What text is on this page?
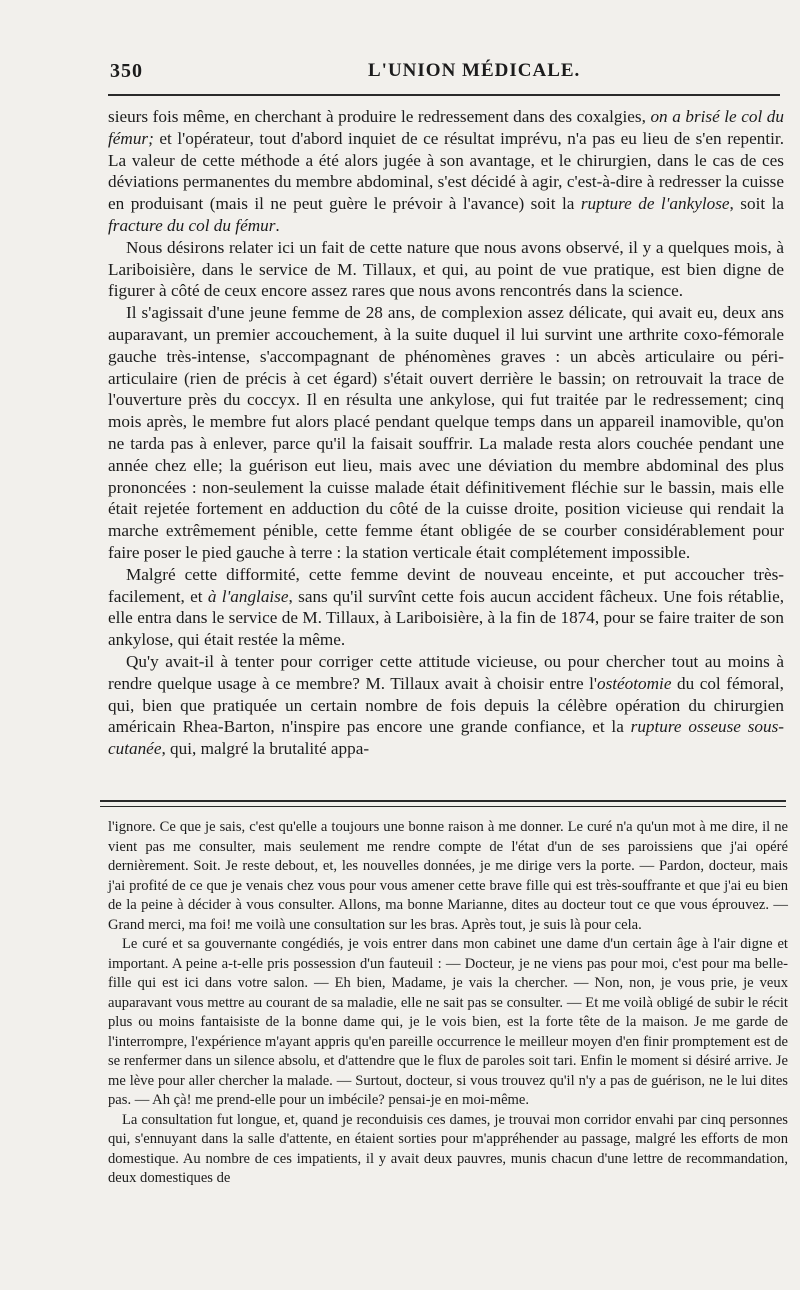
350	L'UNION MÉDICALE.

sieurs fois même, en cherchant à produire le redressement dans des coxalgies, on a brisé le col du fémur; et l'opérateur, tout d'abord inquiet de ce résultat imprévu, n'a pas eu lieu de s'en repentir. La valeur de cette méthode a été alors jugée à son avantage, et le chirurgien, dans le cas de ces déviations permanentes du membre abdominal, s'est décidé à agir, c'est-à-dire à redresser la cuisse en produisant (mais il ne peut guère le prévoir à l'avance) soit la rupture de l'ankylose, soit la fracture du col du fémur.

Nous désirons relater ici un fait de cette nature que nous avons observé, il y a quelques mois, à Lariboisière, dans le service de M. Tillaux, et qui, au point de vue pratique, est bien digne de figurer à côté de ceux encore assez rares que nous avons rencontrés dans la science.

Il s'agissait d'une jeune femme de 28 ans, de complexion assez délicate, qui avait eu, deux ans auparavant, un premier accouchement, à la suite duquel il lui survint une arthrite coxo-fémorale gauche très-intense, s'accompagnant de phénomènes graves : un abcès articulaire ou péri-articulaire (rien de précis à cet égard) s'était ouvert derrière le bassin; on retrouvait la trace de l'ouverture près du coccyx. Il en résulta une ankylose, qui fut traitée par le redressement; cinq mois après, le membre fut alors placé pendant quelque temps dans un appareil inamovible, qu'on ne tarda pas à enlever, parce qu'il la faisait souffrir. La malade resta alors couchée pendant une année chez elle; la guérison eut lieu, mais avec une déviation du membre abdominal des plus prononcées : non-seulement la cuisse malade était définitivement fléchie sur le bassin, mais elle était rejetée fortement en adduction du côté de la cuisse droite, position vicieuse qui rendait la marche extrêmement pénible, cette femme étant obligée de se courber considérablement pour faire poser le pied gauche à terre : la station verticale était complétement impossible.

Malgré cette difformité, cette femme devint de nouveau enceinte, et put accoucher très-facilement, et à l'anglaise, sans qu'il survînt cette fois aucun accident fâcheux. Une fois rétablie, elle entra dans le service de M. Tillaux, à Lariboisière, à la fin de 1874, pour se faire traiter de son ankylose, qui était restée la même.

Qu'y avait-il à tenter pour corriger cette attitude vicieuse, ou pour chercher tout au moins à rendre quelque usage à ce membre? M. Tillaux avait à choisir entre l'ostéotomie du col fémoral, qui, bien que pratiquée un certain nombre de fois depuis la célèbre opération du chirurgien américain Rhea-Barton, n'inspire pas encore une grande confiance, et la rupture osseuse sous-cutanée, qui, malgré la brutalité appa-

l'ignore. Ce que je sais, c'est qu'elle a toujours une bonne raison à me donner. Le curé n'a qu'un mot à me dire, il ne vient pas me consulter, mais seulement me rendre compte de l'état d'un de ses paroissiens que j'ai opéré dernièrement. Soit. Je reste debout, et, les nouvelles données, je me dirige vers la porte. — Pardon, docteur, mais j'ai profité de ce que je venais chez vous pour vous amener cette brave fille qui est très-souffrante et que j'ai eu bien de la peine à décider à vous consulter. Allons, ma bonne Marianne, dites au docteur tout ce que vous éprouvez. —Grand merci, ma foi! me voilà une consultation sur les bras. Après tout, je suis là pour cela.

Le curé et sa gouvernante congédiés, je vois entrer dans mon cabinet une dame d'un certain âge à l'air digne et important. A peine a-t-elle pris possession d'un fauteuil : — Docteur, je ne viens pas pour moi, c'est pour ma belle-fille qui est ici dans votre salon. — Eh bien, Madame, je vais la chercher. — Non, non, je vous prie, je veux auparavant vous mettre au courant de sa maladie, elle ne sait pas se consulter. — Et me voilà obligé de subir le récit plus ou moins fantaisiste de la bonne dame qui, je le vois bien, est la forte tête de la maison. Je me garde de l'interrompre, l'expérience m'ayant appris qu'en pareille occurrence le meilleur moyen d'en finir promptement est de se renfermer dans un silence absolu, et d'attendre que le flux de paroles soit tari. Enfin le moment si désiré arrive. Je me lève pour aller chercher la malade. — Surtout, docteur, si vous trouvez qu'il n'y a pas de guérison, ne le lui dites pas. — Ah çà! me prend-elle pour un imbécile? pensai-je en moi-même.

La consultation fut longue, et, quand je reconduisis ces dames, je trouvai mon corridor envahi par cinq personnes qui, s'ennuyant dans la salle d'attente, en étaient sorties pour m'appréhender au passage, malgré les efforts de mon domestique. Au nombre de ces impatients, il y avait deux pauvres, munis chacun d'une lettre de recommandation, deux domestiques de
